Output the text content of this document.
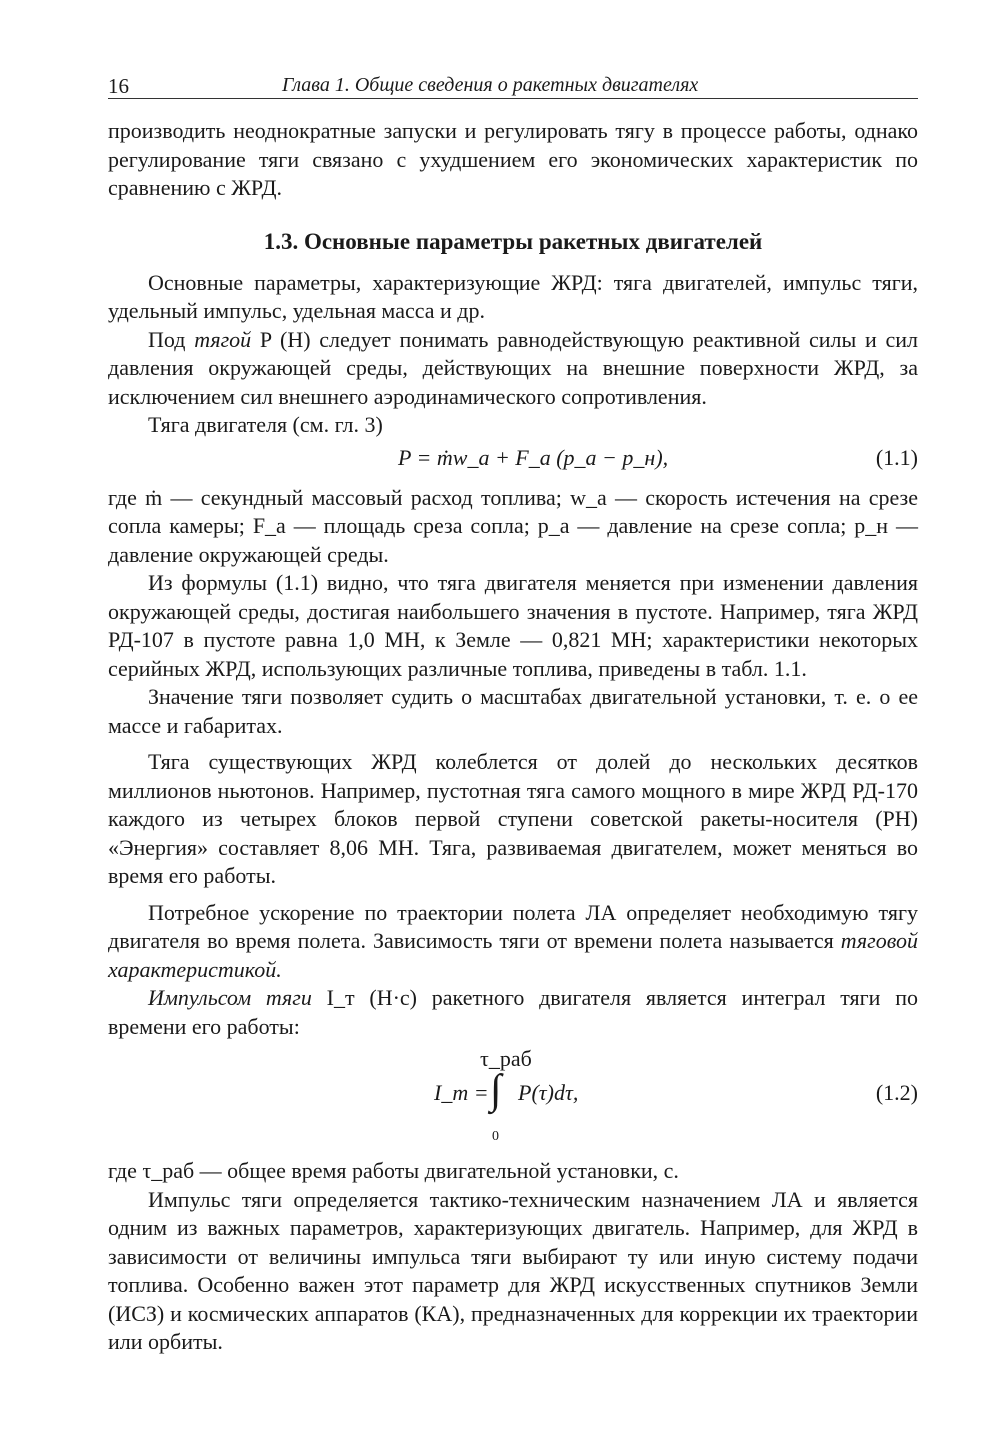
16	Глава 1. Общие сведения о ракетных двигателях

производить неоднократные запуски и регулировать тягу в процессе работы, однако регулирование тяги связано с ухудшением его экономических характеристик по сравнению с ЖРД.

1.3. Основные параметры ракетных двигателей

Основные параметры, характеризующие ЖРД: тяга двигателей, импульс тяги, удельный импульс, удельная масса и др.

Под тягой P (H) следует понимать равнодействующую реактивной силы и сил давления окружающей среды, действующих на внешние поверхности ЖРД, за исключением сил внешнего аэродинамического сопротивления.

Тяга двигателя (см. гл. 3)

P = ṁw_a + F_a (p_a − p_н),	(1.1)

где ṁ — секундный массовый расход топлива; w_a — скорость истечения на срезе сопла камеры; F_a — площадь среза сопла; p_a — давление на срезе сопла; p_н — давление окружающей среды.

Из формулы (1.1) видно, что тяга двигателя меняется при изменении давления окружающей среды, достигая наибольшего значения в пустоте. Например, тяга ЖРД РД-107 в пустоте равна 1,0 МН, к Земле — 0,821 МН; характеристики некоторых серийных ЖРД, использующих различные топлива, приведены в табл. 1.1.

Значение тяги позволяет судить о масштабах двигательной установки, т. е. о ее массе и габаритах.

Тяга существующих ЖРД колеблется от долей до нескольких десятков миллионов ньютонов. Например, пустотная тяга самого мощного в мире ЖРД РД-170 каждого из четырех блоков первой ступени советской ракеты-носителя (РН) «Энергия» составляет 8,06 МН. Тяга, развиваемая двигателем, может меняться во время его работы.

Потребное ускорение по траектории полета ЛА определяет необходимую тягу двигателя во время полета. Зависимость тяги от времени полета называется тяговой характеристикой.

Импульсом тяги I_т (Н·с) ракетного двигателя является интеграл тяги по времени его работы:

τ_раб
I_т = ∫
0
P(τ)dτ,	(1.2)

где τ_раб — общее время работы двигательной установки, с.

Импульс тяги определяется тактико-техническим назначением ЛА и является одним из важных параметров, характеризующих двигатель. Например, для ЖРД в зависимости от величины импульса тяги выбирают ту или иную систему подачи топлива. Особенно важен этот параметр для ЖРД искусственных спутников Земли (ИСЗ) и космических аппаратов (КА), предназначенных для коррекции их траектории или орбиты.
